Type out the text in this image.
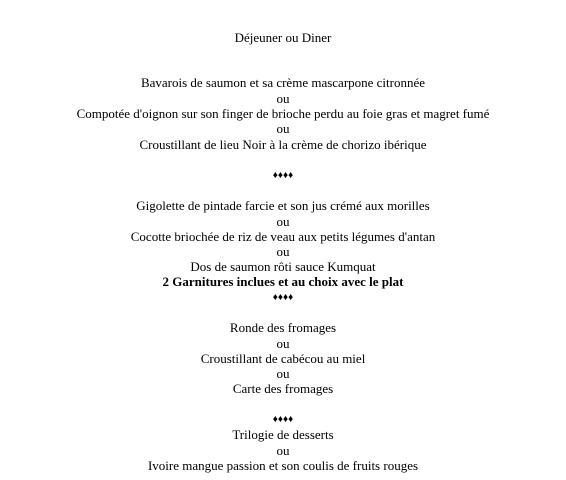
Déjeuner ou Diner
Bavarois de saumon et sa crème mascarpone citronnée
ou
Compotée d'oignon sur son finger de brioche perdu au foie gras et magret fumé
ou
Croustillant de lieu Noir à la crème de chorizo ibérique
♦♦♦♦
Gigolette de pintade farcie et son jus crémé aux morilles
ou
Cocotte briochée de riz de veau aux petits légumes d'antan
ou
Dos de saumon rôti sauce Kumquat
2 Garnitures inclues et au choix avec le plat
♦♦♦♦
Ronde des fromages
ou
Croustillant de cabécou au miel
ou
Carte des fromages
♦♦♦♦
Trilogie de desserts
ou
Ivoire mangue passion et son coulis de fruits rouges
